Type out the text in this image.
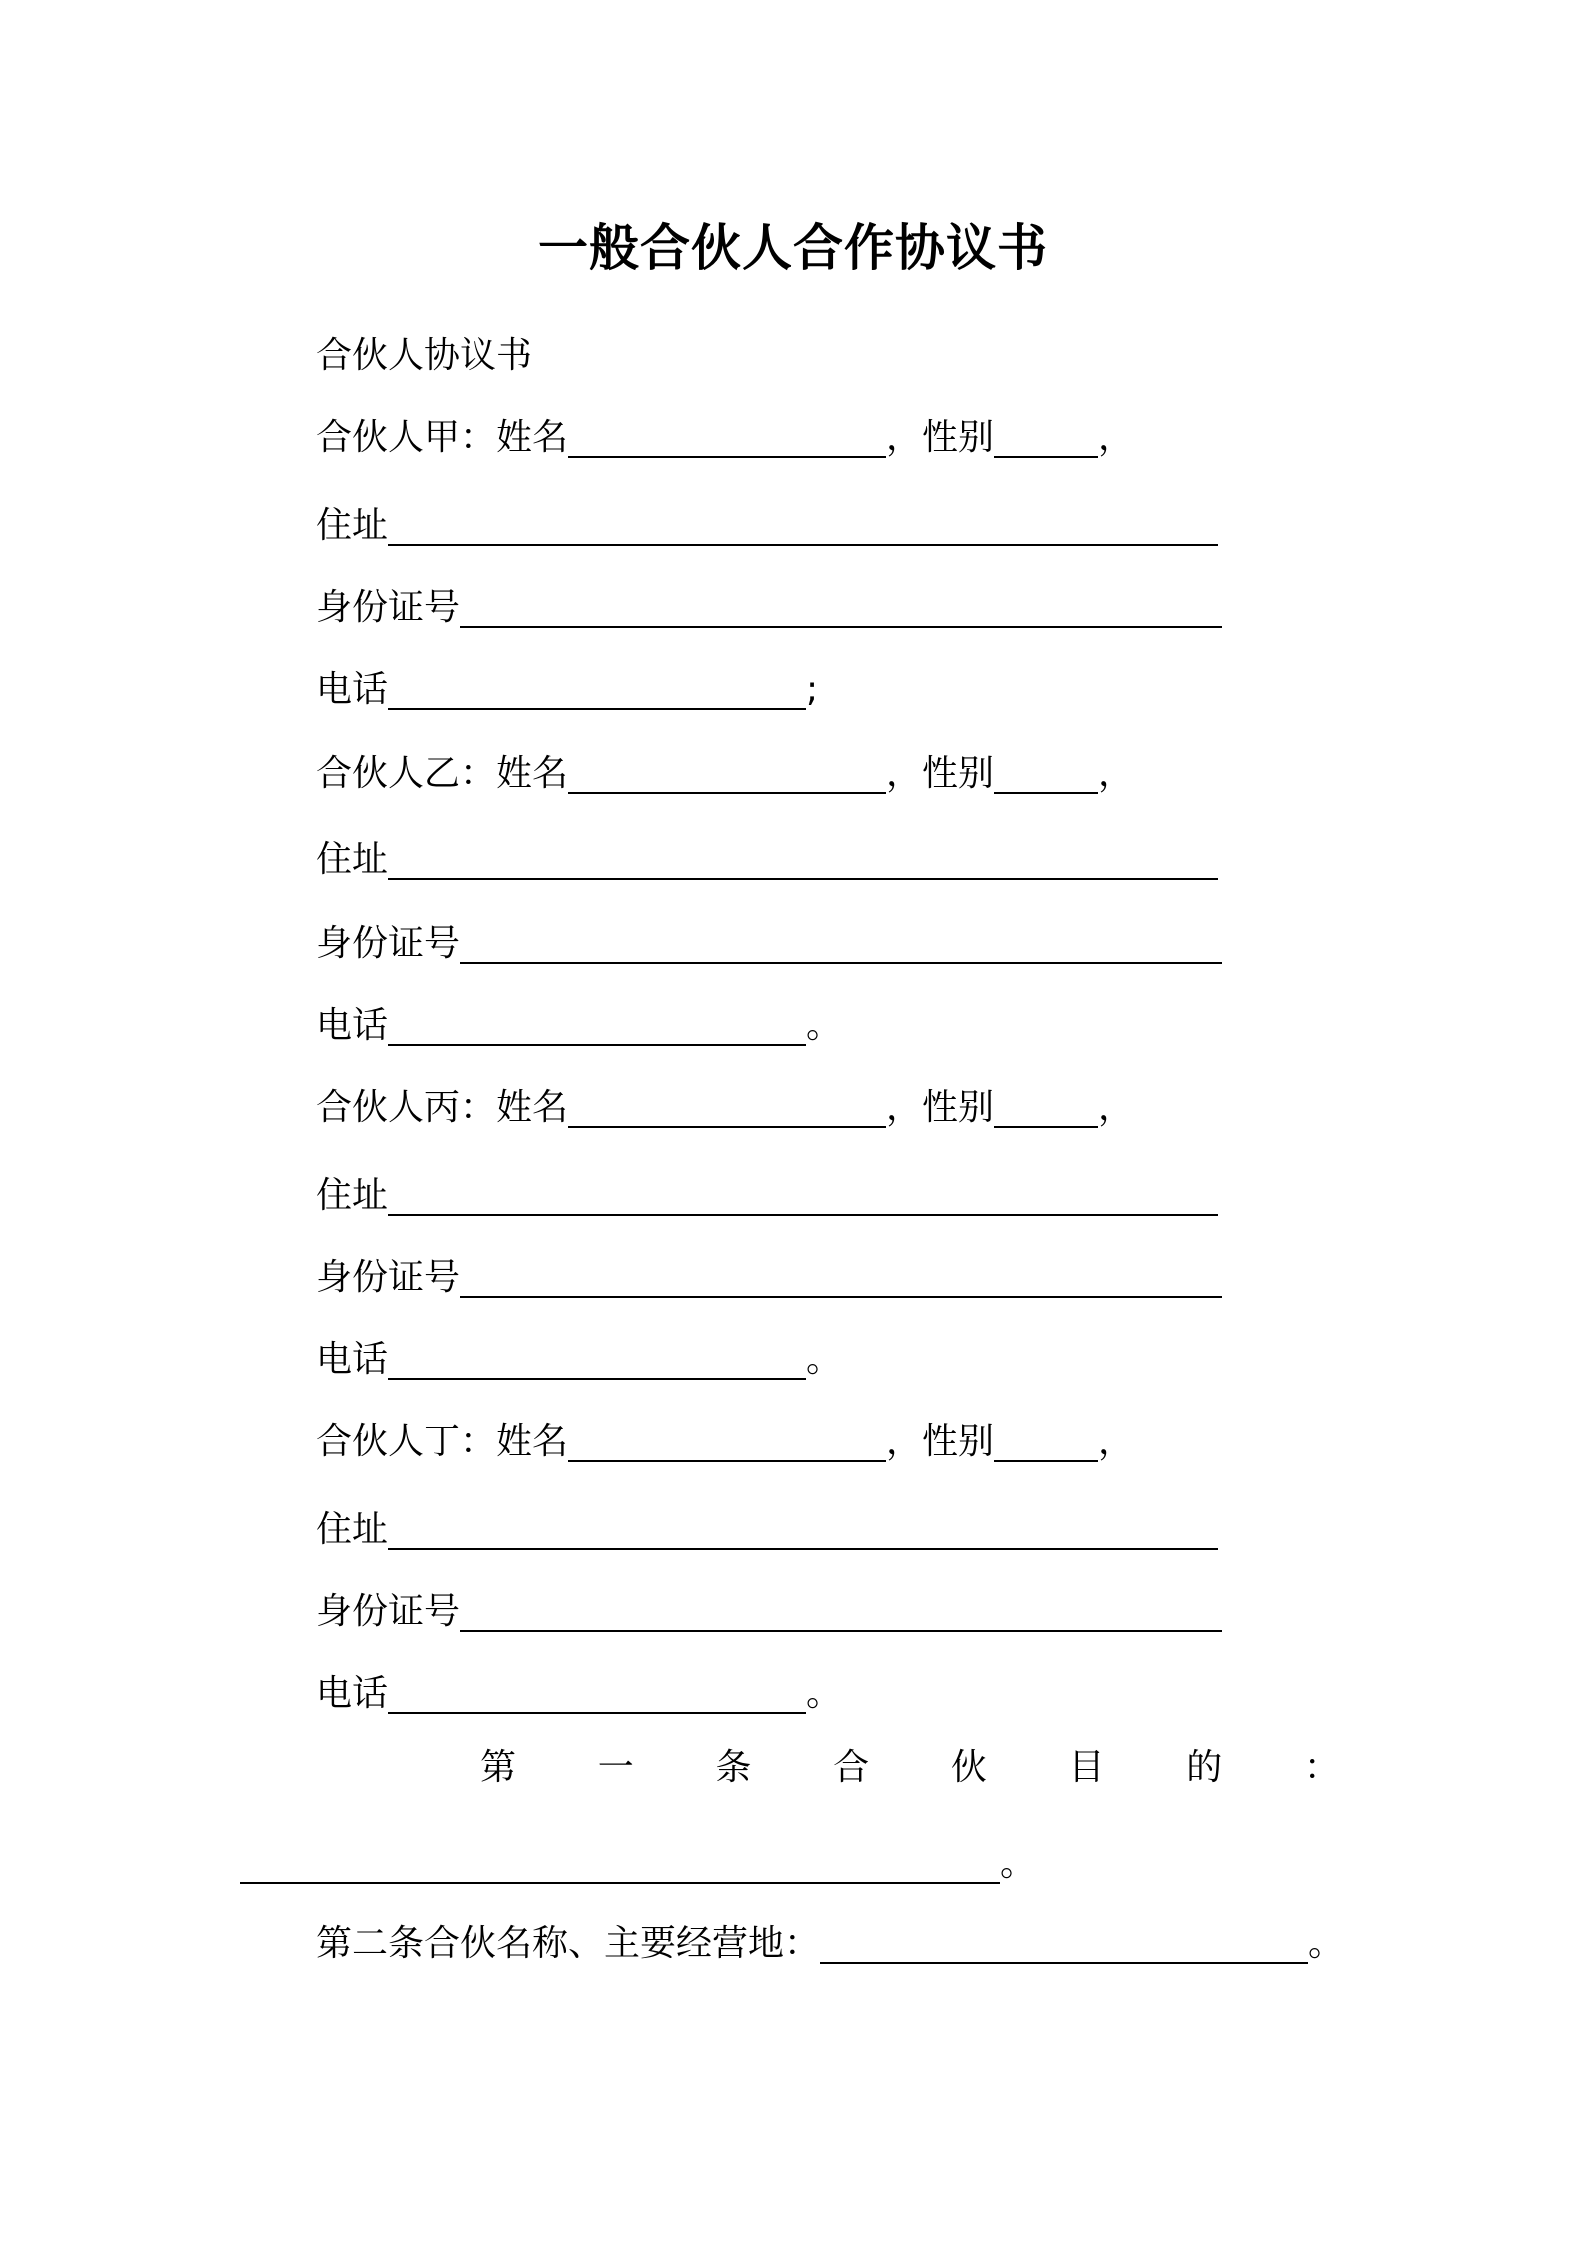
一般合伙人合作协议书
合伙人协议书
合伙人甲：姓名	，性别	，
住址
身份证号
电话	;
合伙人乙：姓名	，性别	，
住址
身份证号
电话	。
合伙人丙：姓名	，性别	，
住址
身份证号
电话	。
合伙人丁：姓名	，性别	，
住址
身份证号
电话	。
第 一 条 合 伙 目 的 ：
。
第二条合伙名称、主要经营地：	。
